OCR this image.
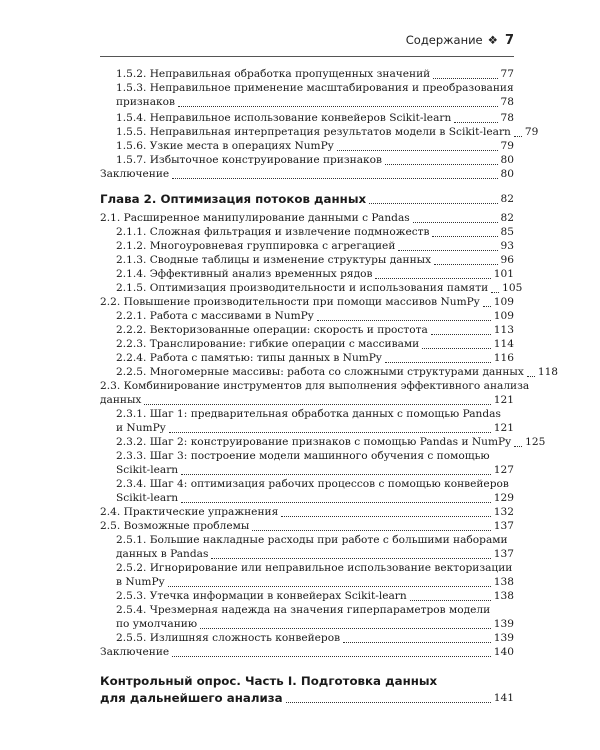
Содержание ❖ 7
1.5.2. Неправильная обработка пропущенных значений	77
1.5.3. Неправильное применение масштабирования и преобразования
признаков	78
1.5.4. Неправильное использование конвейеров Scikit-learn	78
1.5.5. Неправильная интерпретация результатов модели в Scikit-learn 79
1.5.6. Узкие места в операциях NumPy	79
1.5.7. Избыточное конструирование признаков	80
Заключение	80
Глава 2. Оптимизация потоков данных	82
2.1. Расширенное манипулирование данными с Pandas	82
2.1.1. Сложная фильтрация и извлечение подмножеств	85
2.1.2. Многоуровневая группировка с агрегацией	93
2.1.3. Сводные таблицы и изменение структуры данных	96
2.1.4. Эффективный анализ временных рядов	101
2.1.5. Оптимизация производительности и использования памяти 105
2.2. Повышение производительности при помощи массивов NumPy 109
2.2.1. Работа с массивами в NumPy	109
2.2.2. Векторизованные операции: скорость и простота	113
2.2.3. Транслирование: гибкие операции с массивами	114
2.2.4. Работа с памятью: типы данных в NumPy	116
2.2.5. Многомерные массивы: работа со сложными структурами данных 118
2.3. Комбинирование инструментов для выполнения эффективного анализа
данных	121
2.3.1. Шаг 1: предварительная обработка данных с помощью Pandas
и NumPy	121
2.3.2. Шаг 2: конструирование признаков с помощью Pandas и NumPy 125
2.3.3. Шаг 3: построение модели машинного обучения с помощью
Scikit-learn	127
2.3.4. Шаг 4: оптимизация рабочих процессов с помощью конвейеров
Scikit-learn	129
2.4. Практические упражнения	132
2.5. Возможные проблемы	137
2.5.1. Большие накладные расходы при работе с большими наборами
данных в Pandas	137
2.5.2. Игнорирование или неправильное использование векторизации
в NumPy	138
2.5.3. Утечка информации в конвейерах Scikit-learn	138
2.5.4. Чрезмерная надежда на значения гиперпараметров модели
по умолчанию	139
2.5.5. Излишняя сложность конвейеров	139
Заключение	140
Контрольный опрос. Часть I. Подготовка данных
для дальнейшего анализа	141
